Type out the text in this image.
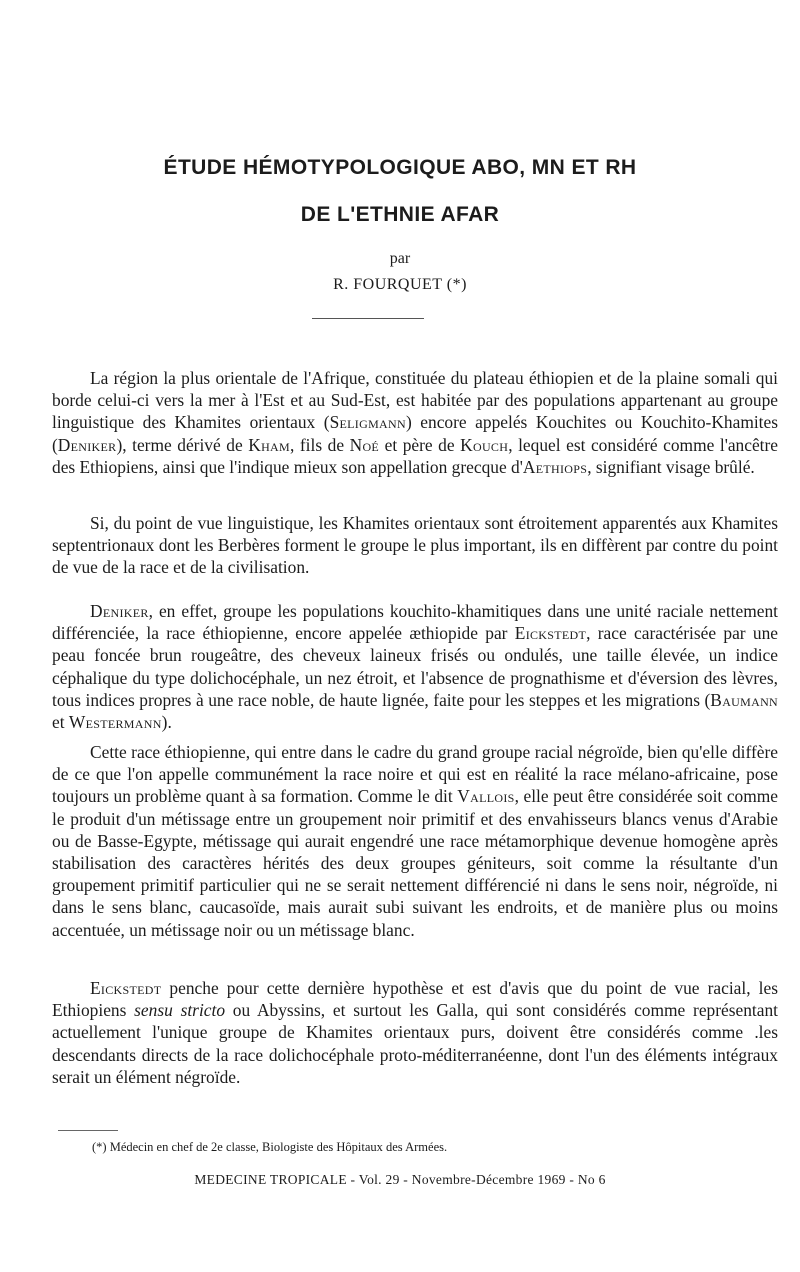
ÉTUDE HÉMOTYPOLOGIQUE ABO, MN ET RH
DE L'ETHNIE AFAR
par
R. FOURQUET (*)

La région la plus orientale de l'Afrique, constituée du plateau éthiopien et de la plaine somali qui borde celui-ci vers la mer à l'Est et au Sud-Est, est habitée par des populations appartenant au groupe linguistique des Khamites orientaux (Seligmann) encore appelés Kouchites ou Kouchito-Khamites (Deniker), terme dérivé de Kham, fils de Noé et père de Kouch, lequel est considéré comme l'ancêtre des Ethiopiens, ainsi que l'indique mieux son appellation grecque d'Aethiops, signifiant visage brûlé.

Si, du point de vue linguistique, les Khamites orientaux sont étroitement apparentés aux Khamites septentrionaux dont les Berbères forment le groupe le plus important, ils en diffèrent par contre du point de vue de la race et de la civilisation.

Deniker, en effet, groupe les populations kouchito-khamitiques dans une unité raciale nettement différenciée, la race éthiopienne, encore appelée æthiopide par Eickstedt, race caractérisée par une peau foncée brun rougeâtre, des cheveux laineux frisés ou ondulés, une taille élevée, un indice céphalique du type dolichocéphale, un nez étroit, et l'absence de prognathisme et d'éversion des lèvres, tous indices propres à une race noble, de haute lignée, faite pour les steppes et les migrations (Baumann et Westermann).

Cette race éthiopienne, qui entre dans le cadre du grand groupe racial négroïde, bien qu'elle diffère de ce que l'on appelle communément la race noire et qui est en réalité la race mélano-africaine, pose toujours un problème quant à sa formation. Comme le dit Vallois, elle peut être considérée soit comme le produit d'un métissage entre un groupement noir primitif et des envahisseurs blancs venus d'Arabie ou de Basse-Egypte, métissage qui aurait engendré une race métamorphique devenue homogène après stabilisation des caractères hérités des deux groupes géniteurs, soit comme la résultante d'un groupement primitif particulier qui ne se serait nettement différencié ni dans le sens noir, négroïde, ni dans le sens blanc, caucasoïde, mais aurait subi suivant les endroits, et de manière plus ou moins accentuée, un métissage noir ou un métissage blanc.

Eickstedt penche pour cette dernière hypothèse et est d'avis que du point de vue racial, les Ethiopiens sensu stricto ou Abyssins, et surtout les Galla, qui sont considérés comme représentant actuellement l'unique groupe de Khamites orientaux purs, doivent être considérés comme .les descendants directs de la race dolichocéphale proto-méditerranéenne, dont l'un des éléments intégraux serait un élément négroïde.

(*) Médecin en chef de 2e classe, Biologiste des Hôpitaux des Armées.
MEDECINE TROPICALE - Vol. 29 - Novembre-Décembre 1969 - No 6
